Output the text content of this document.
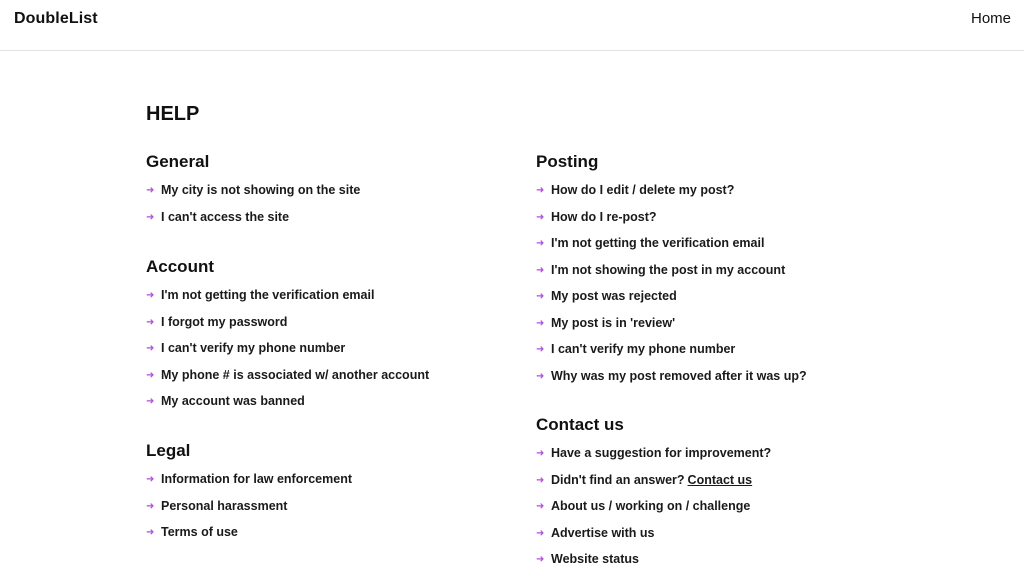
DoubleList	Home
HELP
General
➜ My city is not showing on the site
➜ I can't access the site
Account
➜ I'm not getting the verification email
➜ I forgot my password
➜ I can't verify my phone number
➜ My phone # is associated w/ another account
➜ My account was banned
Legal
➜ Information for law enforcement
➜ Personal harassment
➜ Terms of use
Posting
➜ How do I edit / delete my post?
➜ How do I re-post?
➜ I'm not getting the verification email
➜ I'm not showing the post in my account
➜ My post was rejected
➜ My post is in 'review'
➜ I can't verify my phone number
➜ Why was my post removed after it was up?
Contact us
➜ Have a suggestion for improvement?
➜ Didn't find an answer? Contact us
➜ About us / working on / challenge
➜ Advertise with us
➜ Website status
